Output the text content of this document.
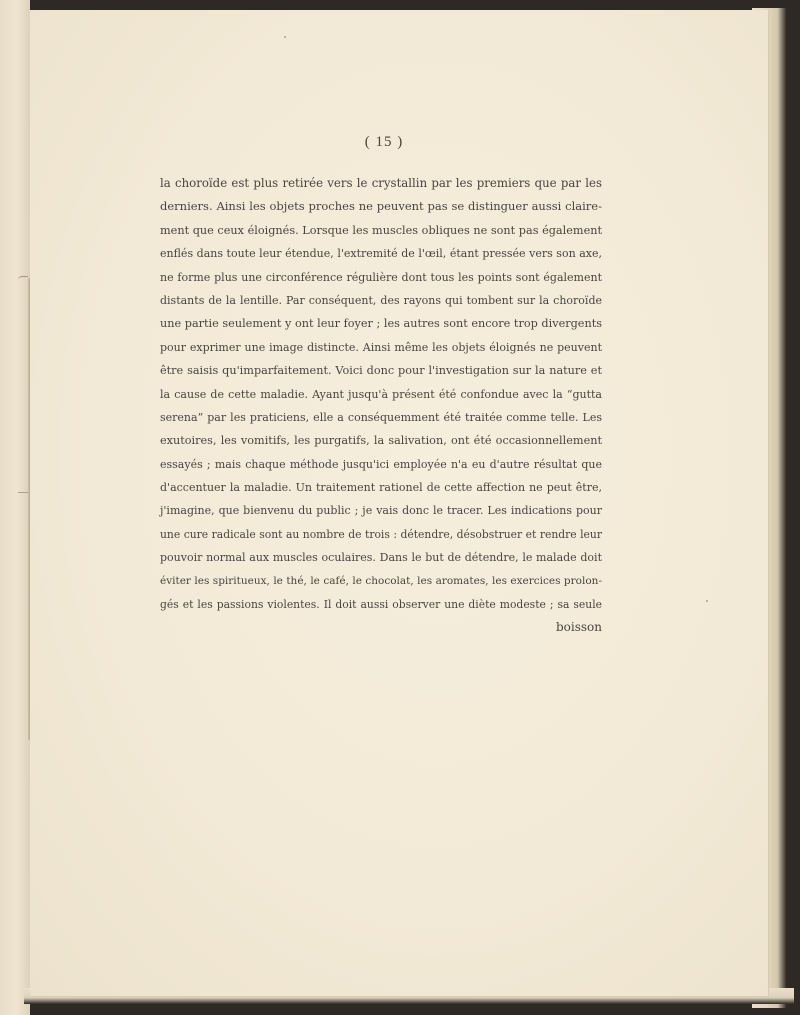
( 15 )
la choroïde est plus retirée vers le crystallin par les premiers que par les
derniers. Ainsi les objets proches ne peuvent pas se distinguer aussi claire-
ment que ceux éloignés. Lorsque les muscles obliques ne sont pas également
enflés dans toute leur étendue, l'extremité de l'œil, étant pressée vers son axe,
ne forme plus une circonférence régulière dont tous les points sont également
distants de la lentille. Par conséquent, des rayons qui tombent sur la choroïde
une partie seulement y ont leur foyer ; les autres sont encore trop divergents
pour exprimer une image distincte. Ainsi même les objets éloignés ne peuvent
être saisis qu'imparfaitement. Voici donc pour l'investigation sur la nature et
la cause de cette maladie. Ayant jusqu'à présent été confondue avec la “gutta
serena” par les praticiens, elle a conséquemment été traitée comme telle. Les
exutoires, les vomitifs, les purgatifs, la salivation, ont été occasionnellement
essayés ; mais chaque méthode jusqu'ici employée n'a eu d'autre résultat que
d'accentuer la maladie. Un traitement rationel de cette affection ne peut être,
j'imagine, que bienvenu du public ; je vais donc le tracer. Les indications pour
une cure radicale sont au nombre de trois : détendre, désobstruer et rendre leur
pouvoir normal aux muscles oculaires. Dans le but de détendre, le malade doit
éviter les spiritueux, le thé, le café, le chocolat, les aromates, les exercices prolon-
gés et les passions violentes. Il doit aussi observer une diète modeste ; sa seule
boisson
